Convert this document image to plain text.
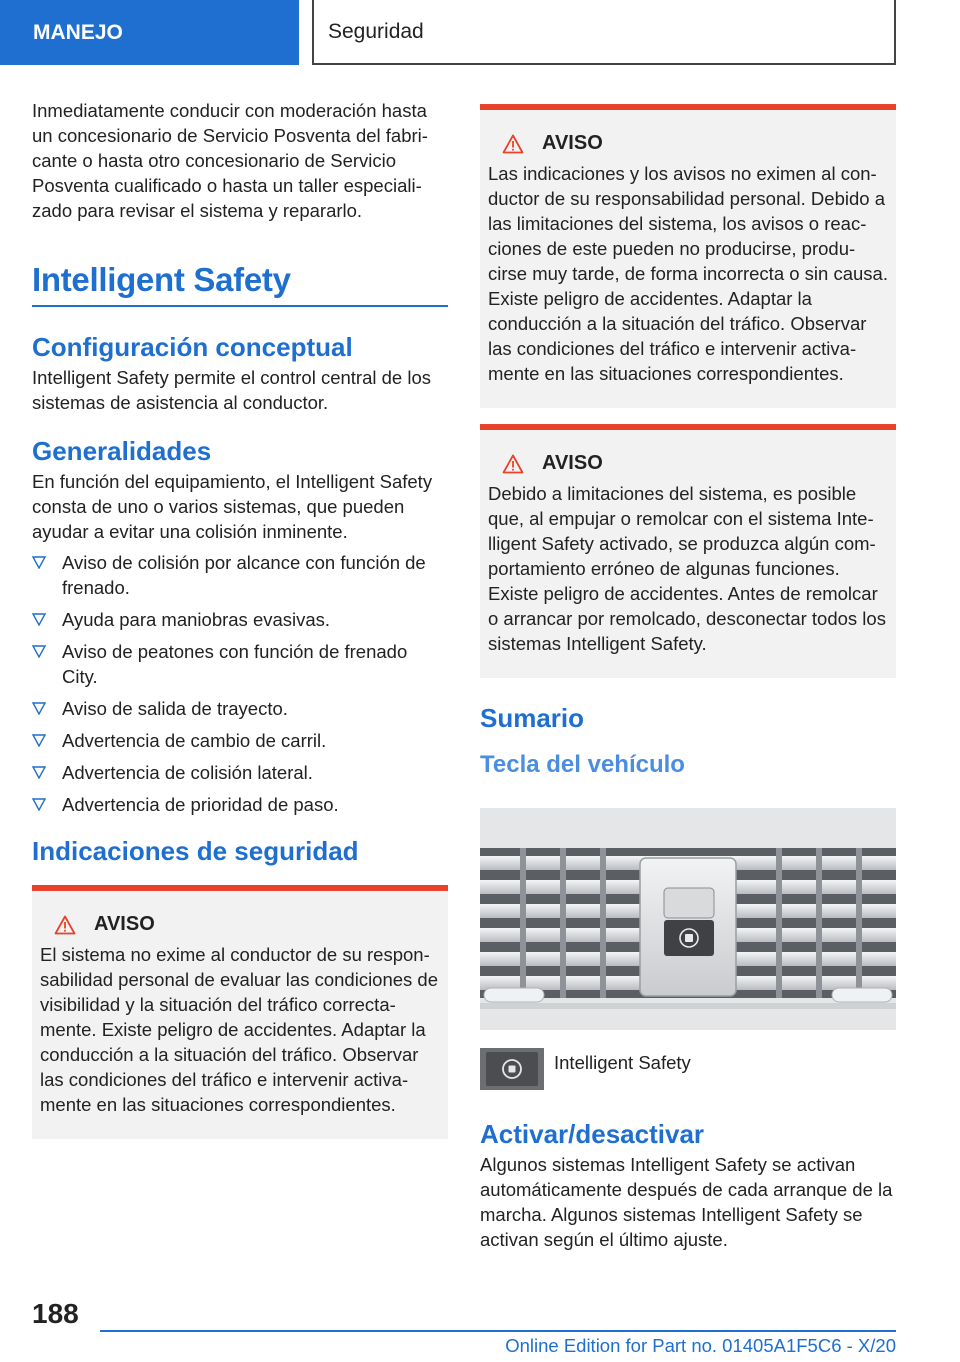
MANEJO	Seguridad

Inmediatamente conducir con moderación hasta un concesionario de Servicio Posventa del fabricante o hasta otro concesionario de Servicio Posventa cualificado o hasta un taller especializado para revisar el sistema y repararlo.

Intelligent Safety
Configuración conceptual

Intelligent Safety permite el control central de los sistemas de asistencia al conductor.

Generalidades

En función del equipamiento, el Intelligent Safety consta de uno o varios sistemas, que pueden ayudar a evitar una colisión inminente.

Aviso de colisión por alcance con función de frenado.
Ayuda para maniobras evasivas.
Aviso de peatones con función de frenado City.
Aviso de salida de trayecto.
Advertencia de cambio de carril.
Advertencia de colisión lateral.
Advertencia de prioridad de paso.
Indicaciones de seguridad
AVISO

El sistema no exime al conductor de su responsabilidad personal de evaluar las condiciones de visibilidad y la situación del tráfico correctamente. Existe peligro de accidentes. Adaptar la conducción a la situación del tráfico. Observar las condiciones del tráfico e intervenir activamente en las situaciones correspondientes.

AVISO

Las indicaciones y los avisos no eximen al conductor de su responsabilidad personal. Debido a las limitaciones del sistema, los avisos o reacciones de este pueden no producirse, producirse muy tarde, de forma incorrecta o sin causa. Existe peligro de accidentes. Adaptar la conducción a la situación del tráfico. Observar las condiciones del tráfico e intervenir activamente en las situaciones correspondientes.

AVISO

Debido a limitaciones del sistema, es posible que, al empujar o remolcar con el sistema Intelligent Safety activado, se produzca algún comportamiento erróneo de algunas funciones. Existe peligro de accidentes. Antes de remolcar o arrancar por remolcado, desconectar todos los sistemas Intelligent Safety.

Sumario
Tecla del vehículo
Intelligent Safety
Activar/desactivar

Algunos sistemas Intelligent Safety se activan automáticamente después de cada arranque de la marcha. Algunos sistemas Intelligent Safety se activan según el último ajuste.

188
Online Edition for Part no. 01405A1F5C6 - X/20
